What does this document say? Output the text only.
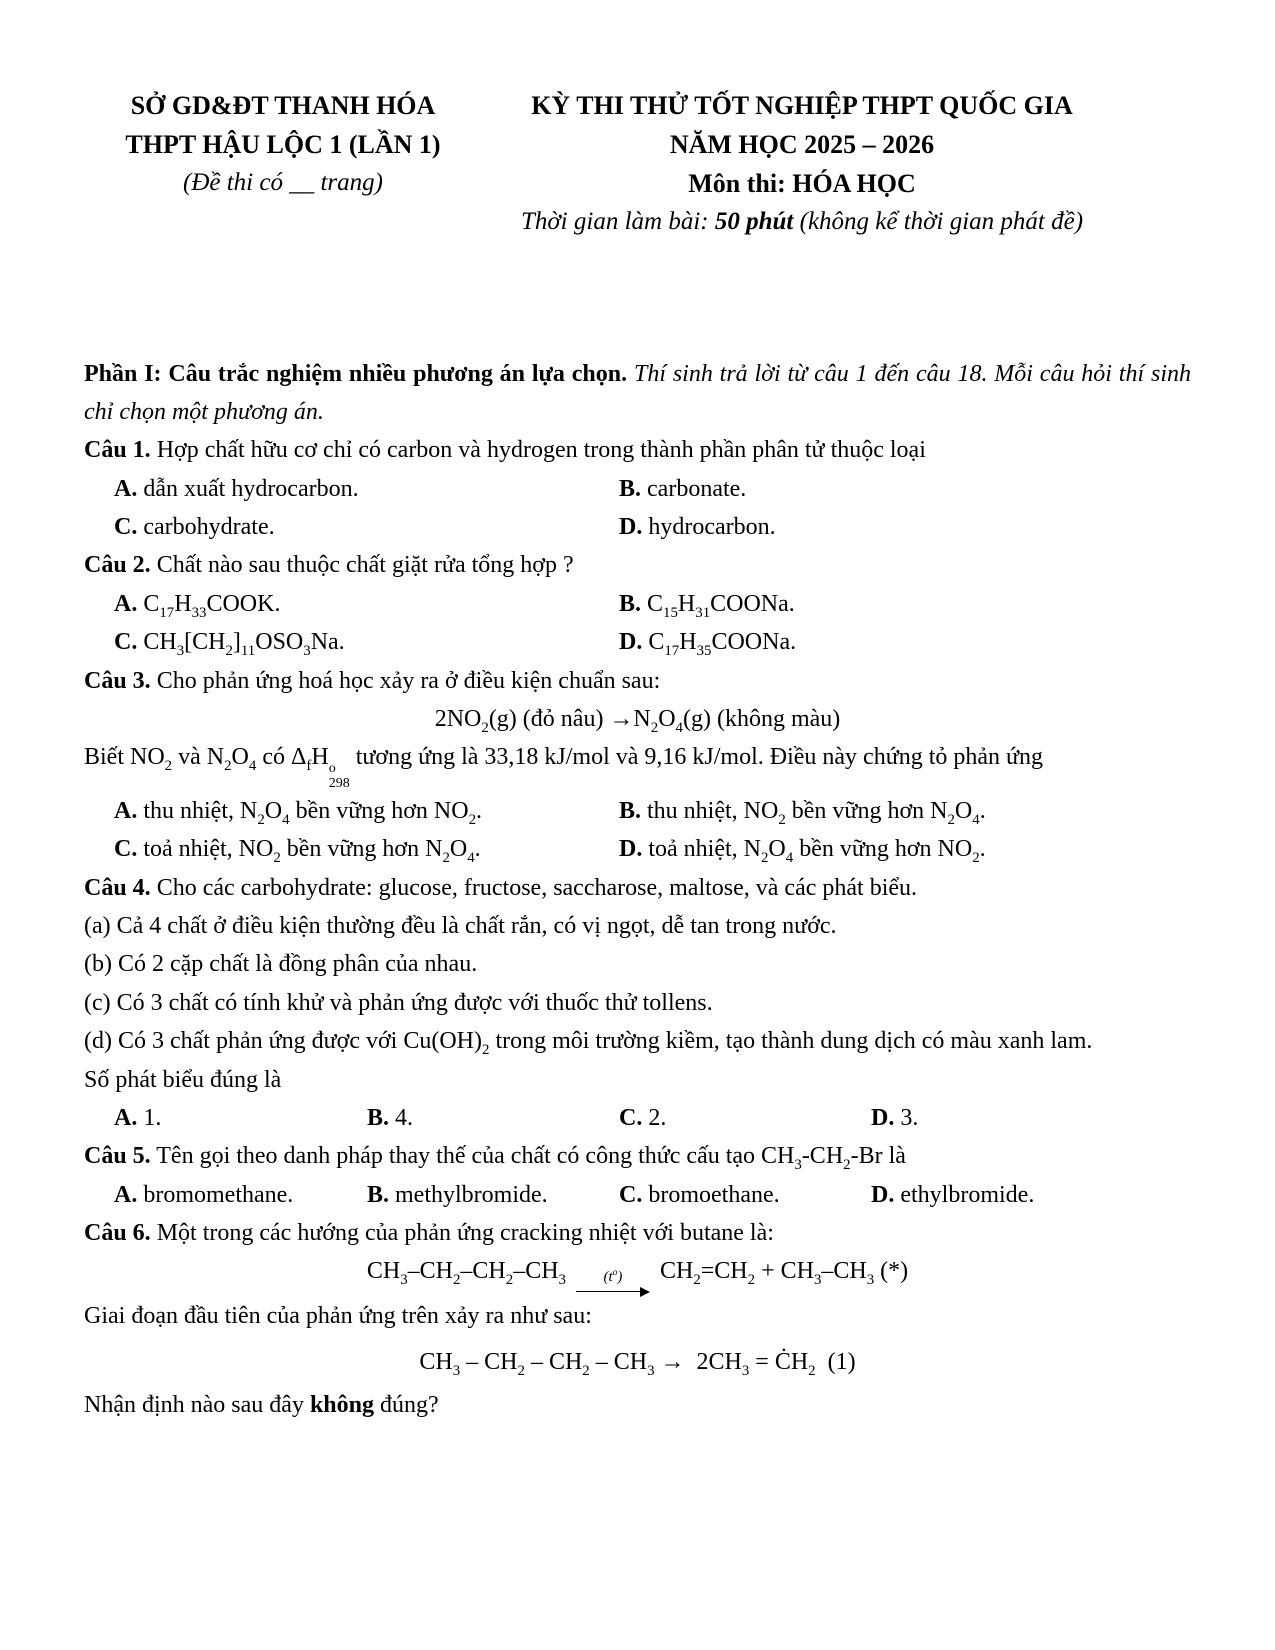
SỞ GD&ĐT THANH HÓA
THPT HẬU LỘC 1 (LẦN 1)
(Đề thi có __ trang)
KỲ THI THỬ TỐT NGHIỆP THPT QUỐC GIA
NĂM HỌC 2025 – 2026
Môn thi: HÓA HỌC
Thời gian làm bài: 50 phút (không kể thời gian phát đề)

Phần I: Câu trắc nghiệm nhiều phương án lựa chọn. Thí sinh trả lời từ câu 1 đến câu 18. Mỗi câu hỏi thí sinh chỉ chọn một phương án.

Câu 1. Hợp chất hữu cơ chỉ có carbon và hydrogen trong thành phần phân tử thuộc loại

A. dẫn xuất hydrocarbon.	B. carbonate.
C. carbohydrate.	D. hydrocarbon.

Câu 2. Chất nào sau thuộc chất giặt rửa tổng hợp ?

A. $C_{17}H_{33}COOK$.	B. $C_{15}H_{31}COONa$.
C. $CH_3[CH_2]_{11}OSO_3Na$.	D. $C_{17}H_{35}COONa$.

Câu 3. Cho phản ứng hoá học xảy ra ở điều kiện chuẩn sau:

$2NO_2(g)$ (đỏ nâu) $\to N_2O_4(g)$ (không màu)

Biết $NO_2$ và $N_2O_4$ có $\Delta_fH$ o
298
tương ứng là 33,18 kJ/mol và 9,16 kJ/mol. Điều này chứng tỏ phản ứng

A. thu nhiệt, $N_2O_4$ bền vững hơn $NO_2$.	B. thu nhiệt, $NO_2$ bền vững hơn $N_2O_4$.
C. toả nhiệt, $NO_2$ bền vững hơn $N_2O_4$.	D. toả nhiệt, $N_2O_4$ bền vững hơn $NO_2$.

Câu 4. Cho các carbohydrate: glucose, fructose, saccharose, maltose, và các phát biểu.

(a) Cả 4 chất ở điều kiện thường đều là chất rắn, có vị ngọt, dễ tan trong nước.

(b) Có 2 cặp chất là đồng phân của nhau.

(c) Có 3 chất có tính khử và phản ứng được với thuốc thử tollens.

(d) Có 3 chất phản ứng được với $Cu(OH)_2$ trong môi trường kiềm, tạo thành dung dịch có màu xanh lam.

Số phát biểu đúng là

A. 1.	B. 4.	C. 2.	D. 3.

Câu 5. Tên gọi theo danh pháp thay thế của chất có công thức cấu tạo $CH_3-CH_2-Br$ là

A. bromomethane.	B. methylbromide.	C. bromoethane.	D. ethylbromide.

Câu 6. Một trong các hướng của phản ứng cracking nhiệt với butane là:

$CH_3-CH_2-CH_2-CH_3$	$(t^o) CH_2=CH_2 + CH_3-CH_3$ (*)

Giai đoạn đầu tiên của phản ứng trên xảy ra như sau:

$CH_3 - CH_2 - CH_2 - CH_3 \to 2CH_3$ = $ĊH_2$  (1)

Nhận định nào sau đây không đúng?
